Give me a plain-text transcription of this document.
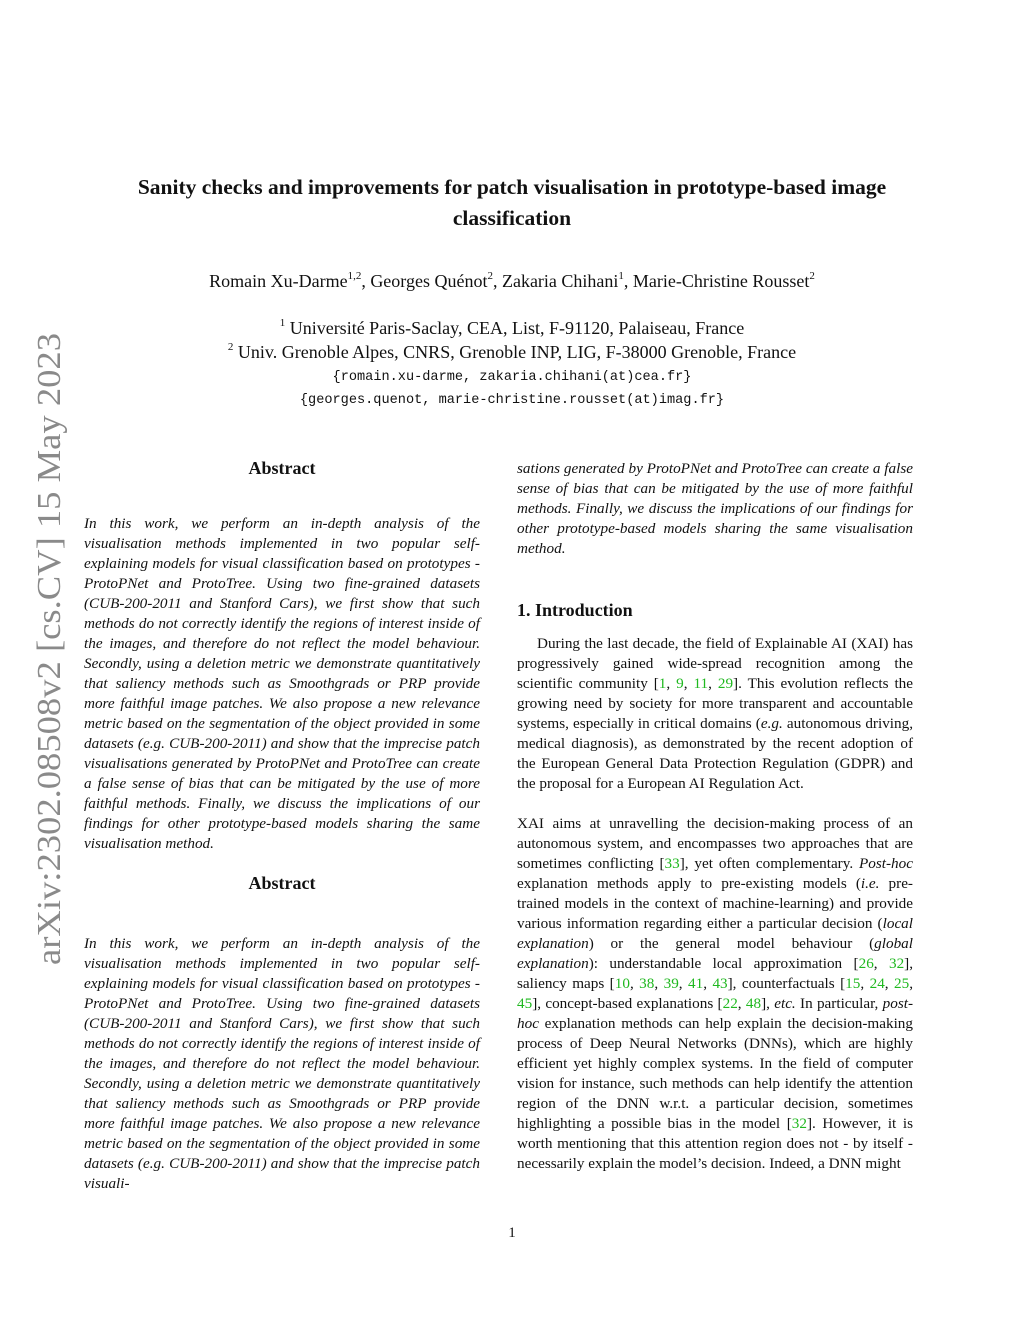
arXiv:2302.08508v2 [cs.CV] 15 May 2023
Sanity checks and improvements for patch visualisation in prototype-based image classification
Romain Xu-Darme$^{1,2}$, Georges Quénot$^2$, Zakaria Chihani$^1$, Marie-Christine Rousset$^2$
$^1$ Université Paris-Saclay, CEA, List, F-91120, Palaiseau, France
$^2$ Univ. Grenoble Alpes, CNRS, Grenoble INP, LIG, F-38000 Grenoble, France
{romain.xu-darme, zakaria.chihani(at)cea.fr}
{georges.quenot, marie-christine.rousset(at)imag.fr}
Abstract
In this work, we perform an in-depth analysis of the visualisation methods implemented in two popular self-explaining models for visual classification based on prototypes - ProtoPNet and ProtoTree. Using two fine-grained datasets (CUB-200-2011 and Stanford Cars), we first show that such methods do not correctly identify the regions of interest inside of the images, and therefore do not reflect the model behaviour. Secondly, using a deletion metric we demonstrate quantitatively that saliency methods such as Smoothgrads or PRP provide more faithful image patches. We also propose a new relevance metric based on the segmentation of the object provided in some datasets (e.g. CUB-200-2011) and show that the imprecise patch visualisations generated by ProtoPNet and ProtoTree can create a false sense of bias that can be mitigated by the use of more faithful methods. Finally, we discuss the implications of our findings for other prototype-based models sharing the same visualisation method.
Abstract
In this work, we perform an in-depth analysis of the visualisation methods implemented in two popular self-explaining models for visual classification based on prototypes - ProtoPNet and ProtoTree. Using two fine-grained datasets (CUB-200-2011 and Stanford Cars), we first show that such methods do not correctly identify the regions of interest inside of the images, and therefore do not reflect the model behaviour. Secondly, using a deletion metric we demonstrate quantitatively that saliency methods such as Smoothgrads or PRP provide more faithful image patches. We also propose a new relevance metric based on the segmentation of the object provided in some datasets (e.g. CUB-200-2011) and show that the imprecise patch visuali-
sations generated by ProtoPNet and ProtoTree can create a false sense of bias that can be mitigated by the use of more faithful methods. Finally, we discuss the implications of our findings for other prototype-based models sharing the same visualisation method.
1. Introduction
During the last decade, the field of Explainable AI (XAI) has progressively gained wide-spread recognition among the scientific community [1, 9, 11, 29]. This evolution reflects the growing need by society for more transparent and accountable systems, especially in critical domains (e.g. autonomous driving, medical diagnosis), as demonstrated by the recent adoption of the European General Data Protection Regulation (GDPR) and the proposal for a European AI Regulation Act.
XAI aims at unravelling the decision-making process of an autonomous system, and encompasses two approaches that are sometimes conflicting [33], yet often complementary. Post-hoc explanation methods apply to pre-existing models (i.e. pre-trained models in the context of machine-learning) and provide various information regarding either a particular decision (local explanation) or the general model behaviour (global explanation): understandable local approximation [26, 32], saliency maps [10, 38, 39, 41, 43], counterfactuals [15, 24, 25, 45], concept-based explanations [22, 48], etc. In particular, post-hoc explanation methods can help explain the decision-making process of Deep Neural Networks (DNNs), which are highly efficient yet highly complex systems. In the field of computer vision for instance, such methods can help identify the attention region of the DNN w.r.t. a particular decision, sometimes highlighting a possible bias in the model [32]. However, it is worth mentioning that this attention region does not - by itself - necessarily explain the model’s decision. Indeed, a DNN might
1
